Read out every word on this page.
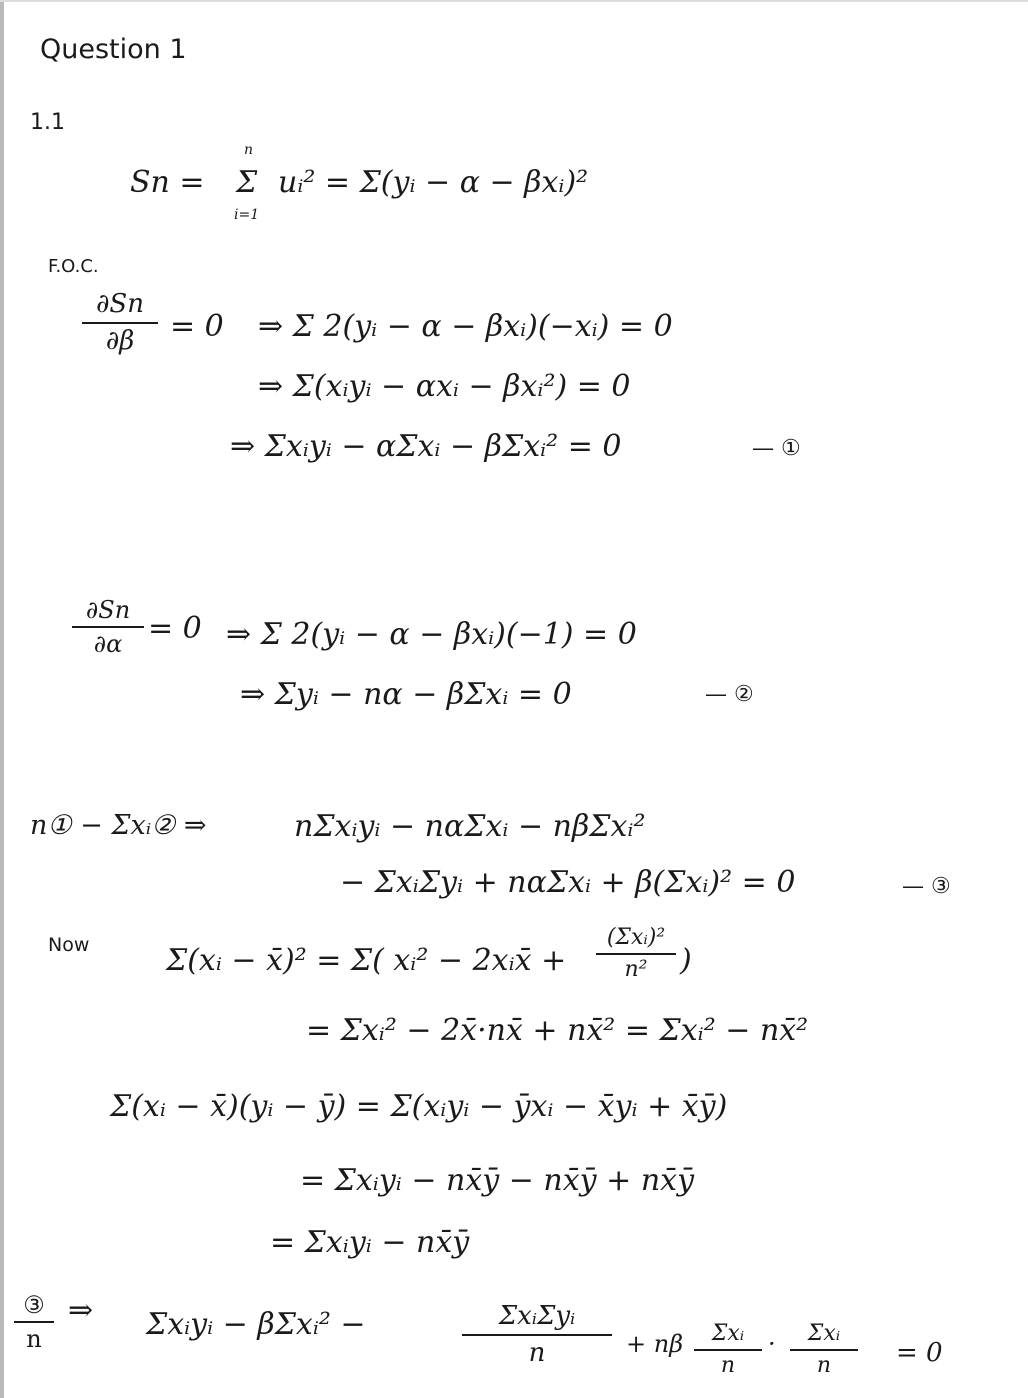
Question 1
1.1
Sn =
n
Σ
i=1
uᵢ² = Σ(yᵢ − α − βxᵢ)²
F.O.C.
∂Sn
∂β	= 0 ⇒ Σ 2(yᵢ − α − βxᵢ)(−xᵢ) = 0
⇒ Σ(xᵢyᵢ − αxᵢ − βxᵢ²) = 0
⇒ Σxᵢyᵢ − αΣxᵢ − βΣxᵢ² = 0	— ①
∂Sn
∂α = 0 ⇒ Σ 2(yᵢ − α − βxᵢ)(−1) = 0
⇒ Σyᵢ − nα − βΣxᵢ = 0	— ②
n① − Σxᵢ② ⇒	nΣxᵢyᵢ − nαΣxᵢ − nβΣxᵢ²
− ΣxᵢΣyᵢ + nαΣxᵢ + β(Σxᵢ)² = 0	— ③
Now	Σ(xᵢ − x̄)² = Σ( xᵢ² − 2xᵢx̄ +
(Σxᵢ)²
n²	)
= Σxᵢ² − 2x̄·nx̄ + nx̄² = Σxᵢ² − nx̄²
Σ(xᵢ − x̄)(yᵢ − ȳ) = Σ(xᵢyᵢ − ȳxᵢ − x̄yᵢ + x̄ȳ)
= Σxᵢyᵢ − nx̄ȳ − nx̄ȳ + nx̄ȳ
= Σxᵢyᵢ − nx̄ȳ
③
n
⇒ Σxᵢyᵢ − βΣxᵢ² −	ΣxᵢΣyᵢ
n	+ nβ	Σxᵢ
n
·	Σxᵢ
n	= 0
